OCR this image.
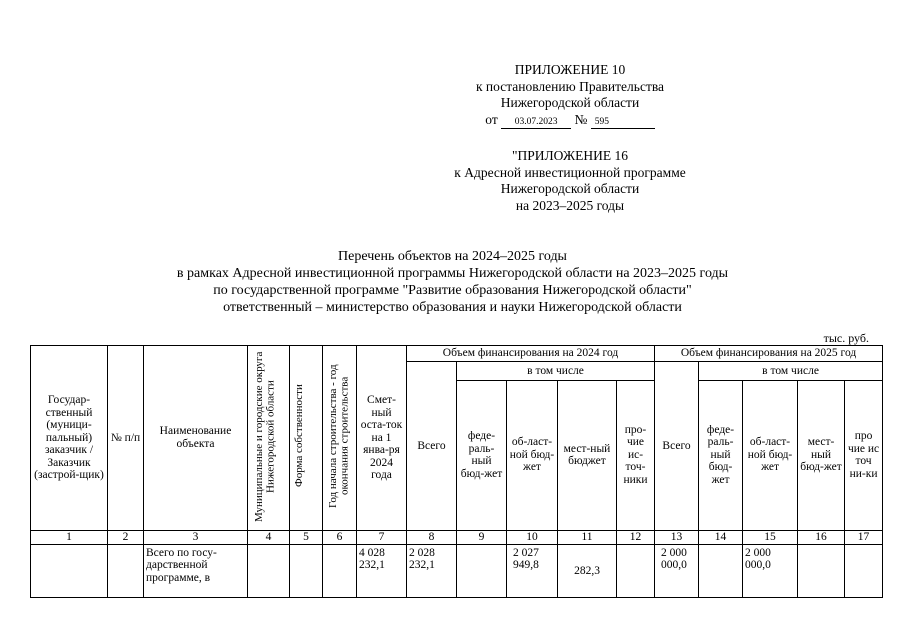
ПРИЛОЖЕНИЕ 10
к постановлению Правительства
Нижегородской области
от 03.07.2023 № 595
"ПРИЛОЖЕНИЕ 16
к Адресной инвестиционной программе
Нижегородской области
на 2023–2025 годы
Перечень объектов на 2024–2025 годы
в рамках Адресной инвестиционной программы Нижегородской области на 2023–2025 годы
по государственной программе "Развитие образования Нижегородской области"
ответственный – министерство образования и науки Нижегородской области
тыс. руб.
Государ-ственный (муници-пальный) заказчик / Заказчик (застрой-щик)	№ п/п	Наименование объекта	Муниципальные и городские округа Нижегородской области	Форма собственности	Год начала строительства - год окончания строительства	Смет-ный оста-ток на 1 янва-ря 2024 года	Объем финансирования на 2024 год					Объем финансирования на 2025 год				
							Всего	в том числе				Всего	в том числе			
								феде-раль-ный бюд-жет	об-ласт-ной бюд-жет	мест-ный бюджет	про-чие ис-точ-ники		феде-раль-ный бюд-жет	об-ласт-ной бюд-жет	мест-ный бюд-жет	про чие ис точ ни-ки
1	2	3	4	5	6	7	8	9	10	11	12	13	14	15	16	17
		Всего по госу-дарственной программе, в				4 028 232,1	2 028 232,1		2 027 949,8	282,3		2 000 000,0		2 000 000,0		
